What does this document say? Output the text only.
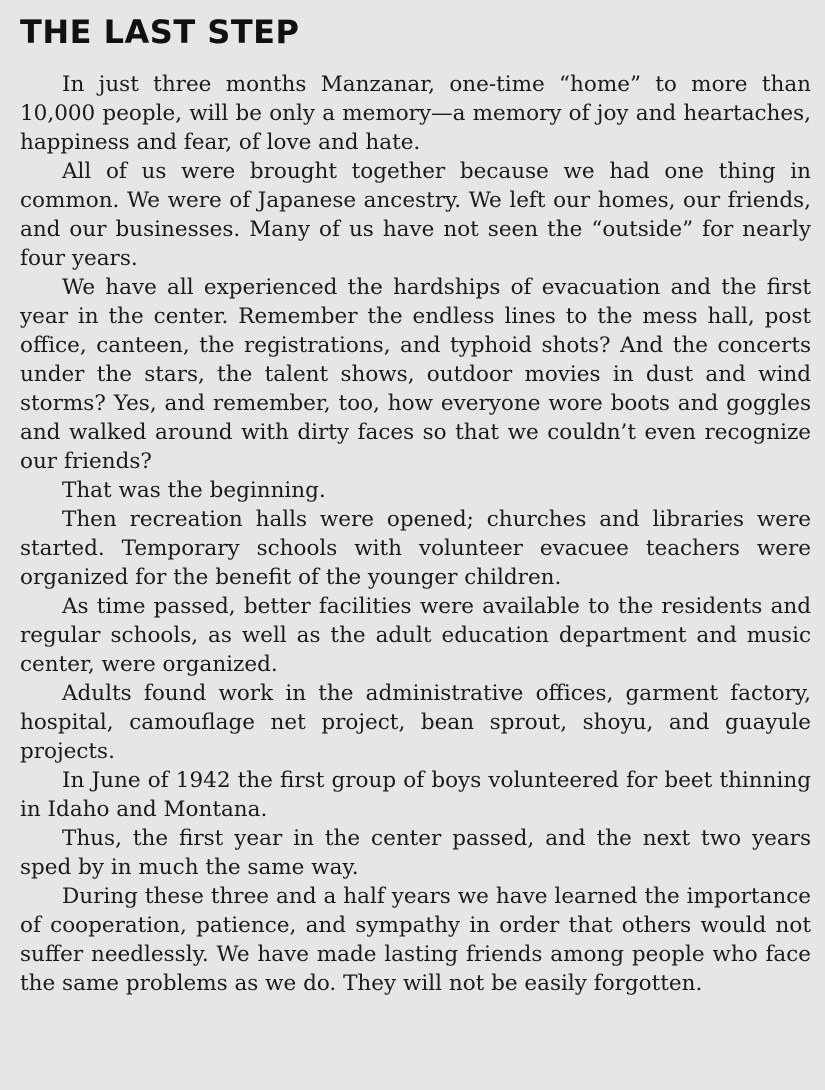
THE LAST STEP

In just three months Manzanar, one-time “home” to more than 10,000 people, will be only a memory—a memory of joy and heartaches, happiness and fear, of love and hate.

All of us were brought together because we had one thing in common. We were of Japanese ancestry. We left our homes, our friends, and our businesses. Many of us have not seen the “outside” for nearly four years.

We have all experienced the hardships of evacuation and the first year in the center. Remember the endless lines to the mess hall, post office, canteen, the registrations, and typhoid shots? And the concerts under the stars, the talent shows, outdoor movies in dust and wind storms? Yes, and remember, too, how everyone wore boots and goggles and walked around with dirty faces so that we couldn’t even recognize our friends?

That was the beginning.

Then recreation halls were opened; churches and libraries were started. Temporary schools with volunteer evacuee teachers were organized for the benefit of the younger children.

As time passed, better facilities were available to the residents and regular schools, as well as the adult education department and music center, were organized.

Adults found work in the administrative offices, garment factory, hospital, camouflage net project, bean sprout, shoyu, and guayule projects.

In June of 1942 the first group of boys volunteered for beet thinning in Idaho and Montana.

Thus, the first year in the center passed, and the next two years sped by in much the same way.

During these three and a half years we have learned the importance of cooperation, patience, and sympathy in order that others would not suffer needlessly. We have made lasting friends among people who face the same problems as we do. They will not be easily forgotten.
